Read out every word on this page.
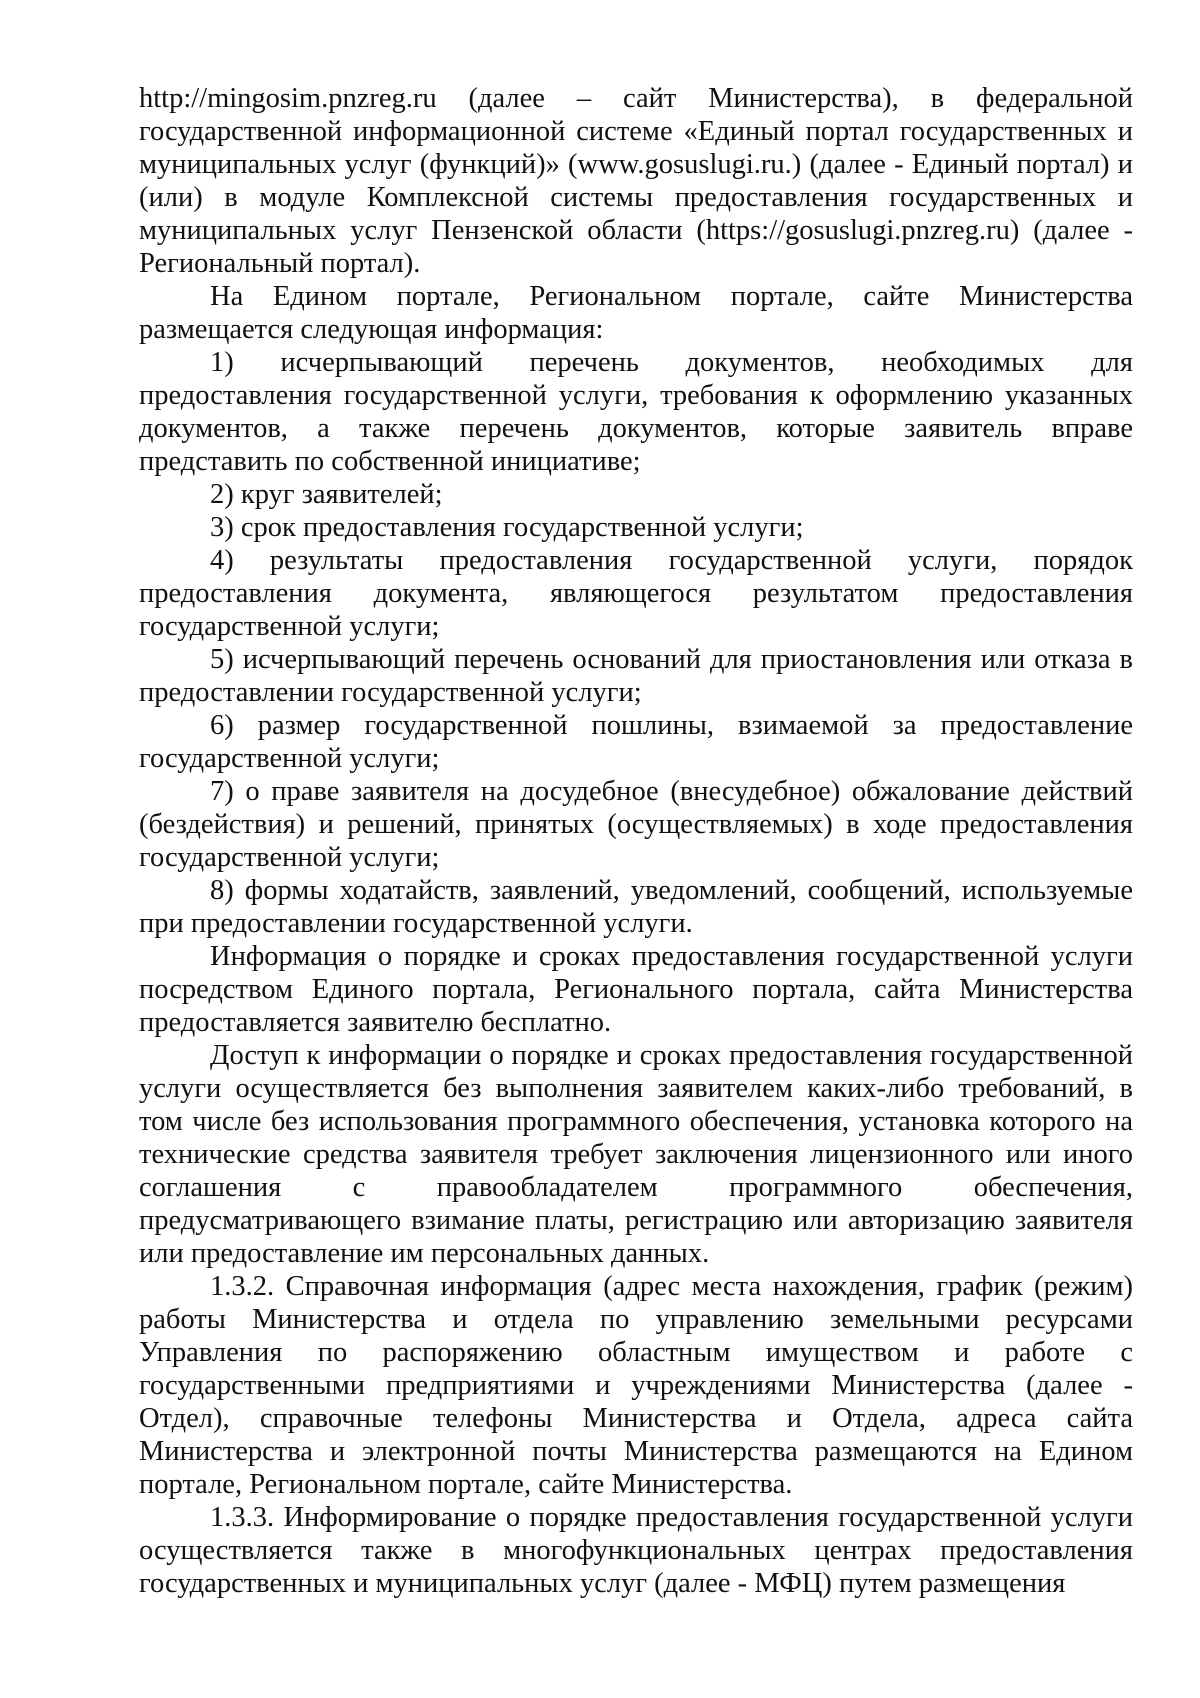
http://mingosim.pnzreg.ru (далее – сайт Министерства), в федеральной государственной информационной системе «Единый портал государственных и муниципальных услуг (функций)» (www.gosuslugi.ru.) (далее - Единый портал) и (или) в модуле Комплексной системы предоставления государственных и муниципальных услуг Пензенской области (https://gosuslugi.pnzreg.ru) (далее - Региональный портал).

На Едином портале, Региональном портале, сайте Министерства размещается следующая информация:

1) исчерпывающий перечень документов, необходимых для предоставления государственной услуги, требования к оформлению указанных документов, а также перечень документов, которые заявитель вправе представить по собственной инициативе;

2) круг заявителей;

3) срок предоставления государственной услуги;

4) результаты предоставления государственной услуги, порядок предоставления документа, являющегося результатом предоставления государственной услуги;

5) исчерпывающий перечень оснований для приостановления или отказа в предоставлении государственной услуги;

6) размер государственной пошлины, взимаемой за предоставление государственной услуги;

7) о праве заявителя на досудебное (внесудебное) обжалование действий (бездействия) и решений, принятых (осуществляемых) в ходе предоставления государственной услуги;

8) формы ходатайств, заявлений, уведомлений, сообщений, используемые при предоставлении государственной услуги.

Информация о порядке и сроках предоставления государственной услуги посредством Единого портала, Регионального портала, сайта Министерства предоставляется заявителю бесплатно.

Доступ к информации о порядке и сроках предоставления государственной услуги осуществляется без выполнения заявителем каких-либо требований, в том числе без использования программного обеспечения, установка которого на технические средства заявителя требует заключения лицензионного или иного соглашения с правообладателем программного обеспечения, предусматривающего взимание платы, регистрацию или авторизацию заявителя или предоставление им персональных данных.

1.3.2. Справочная информация (адрес места нахождения, график (режим) работы Министерства и отдела по управлению земельными ресурсами Управления по распоряжению областным имуществом и работе с государственными предприятиями и учреждениями Министерства (далее - Отдел), справочные телефоны Министерства и Отдела, адреса сайта Министерства и электронной почты Министерства размещаются на Едином портале, Региональном портале, сайте Министерства.

1.3.3. Информирование о порядке предоставления государственной услуги осуществляется также в многофункциональных центрах предоставления государственных и муниципальных услуг (далее - МФЦ) путем размещения
